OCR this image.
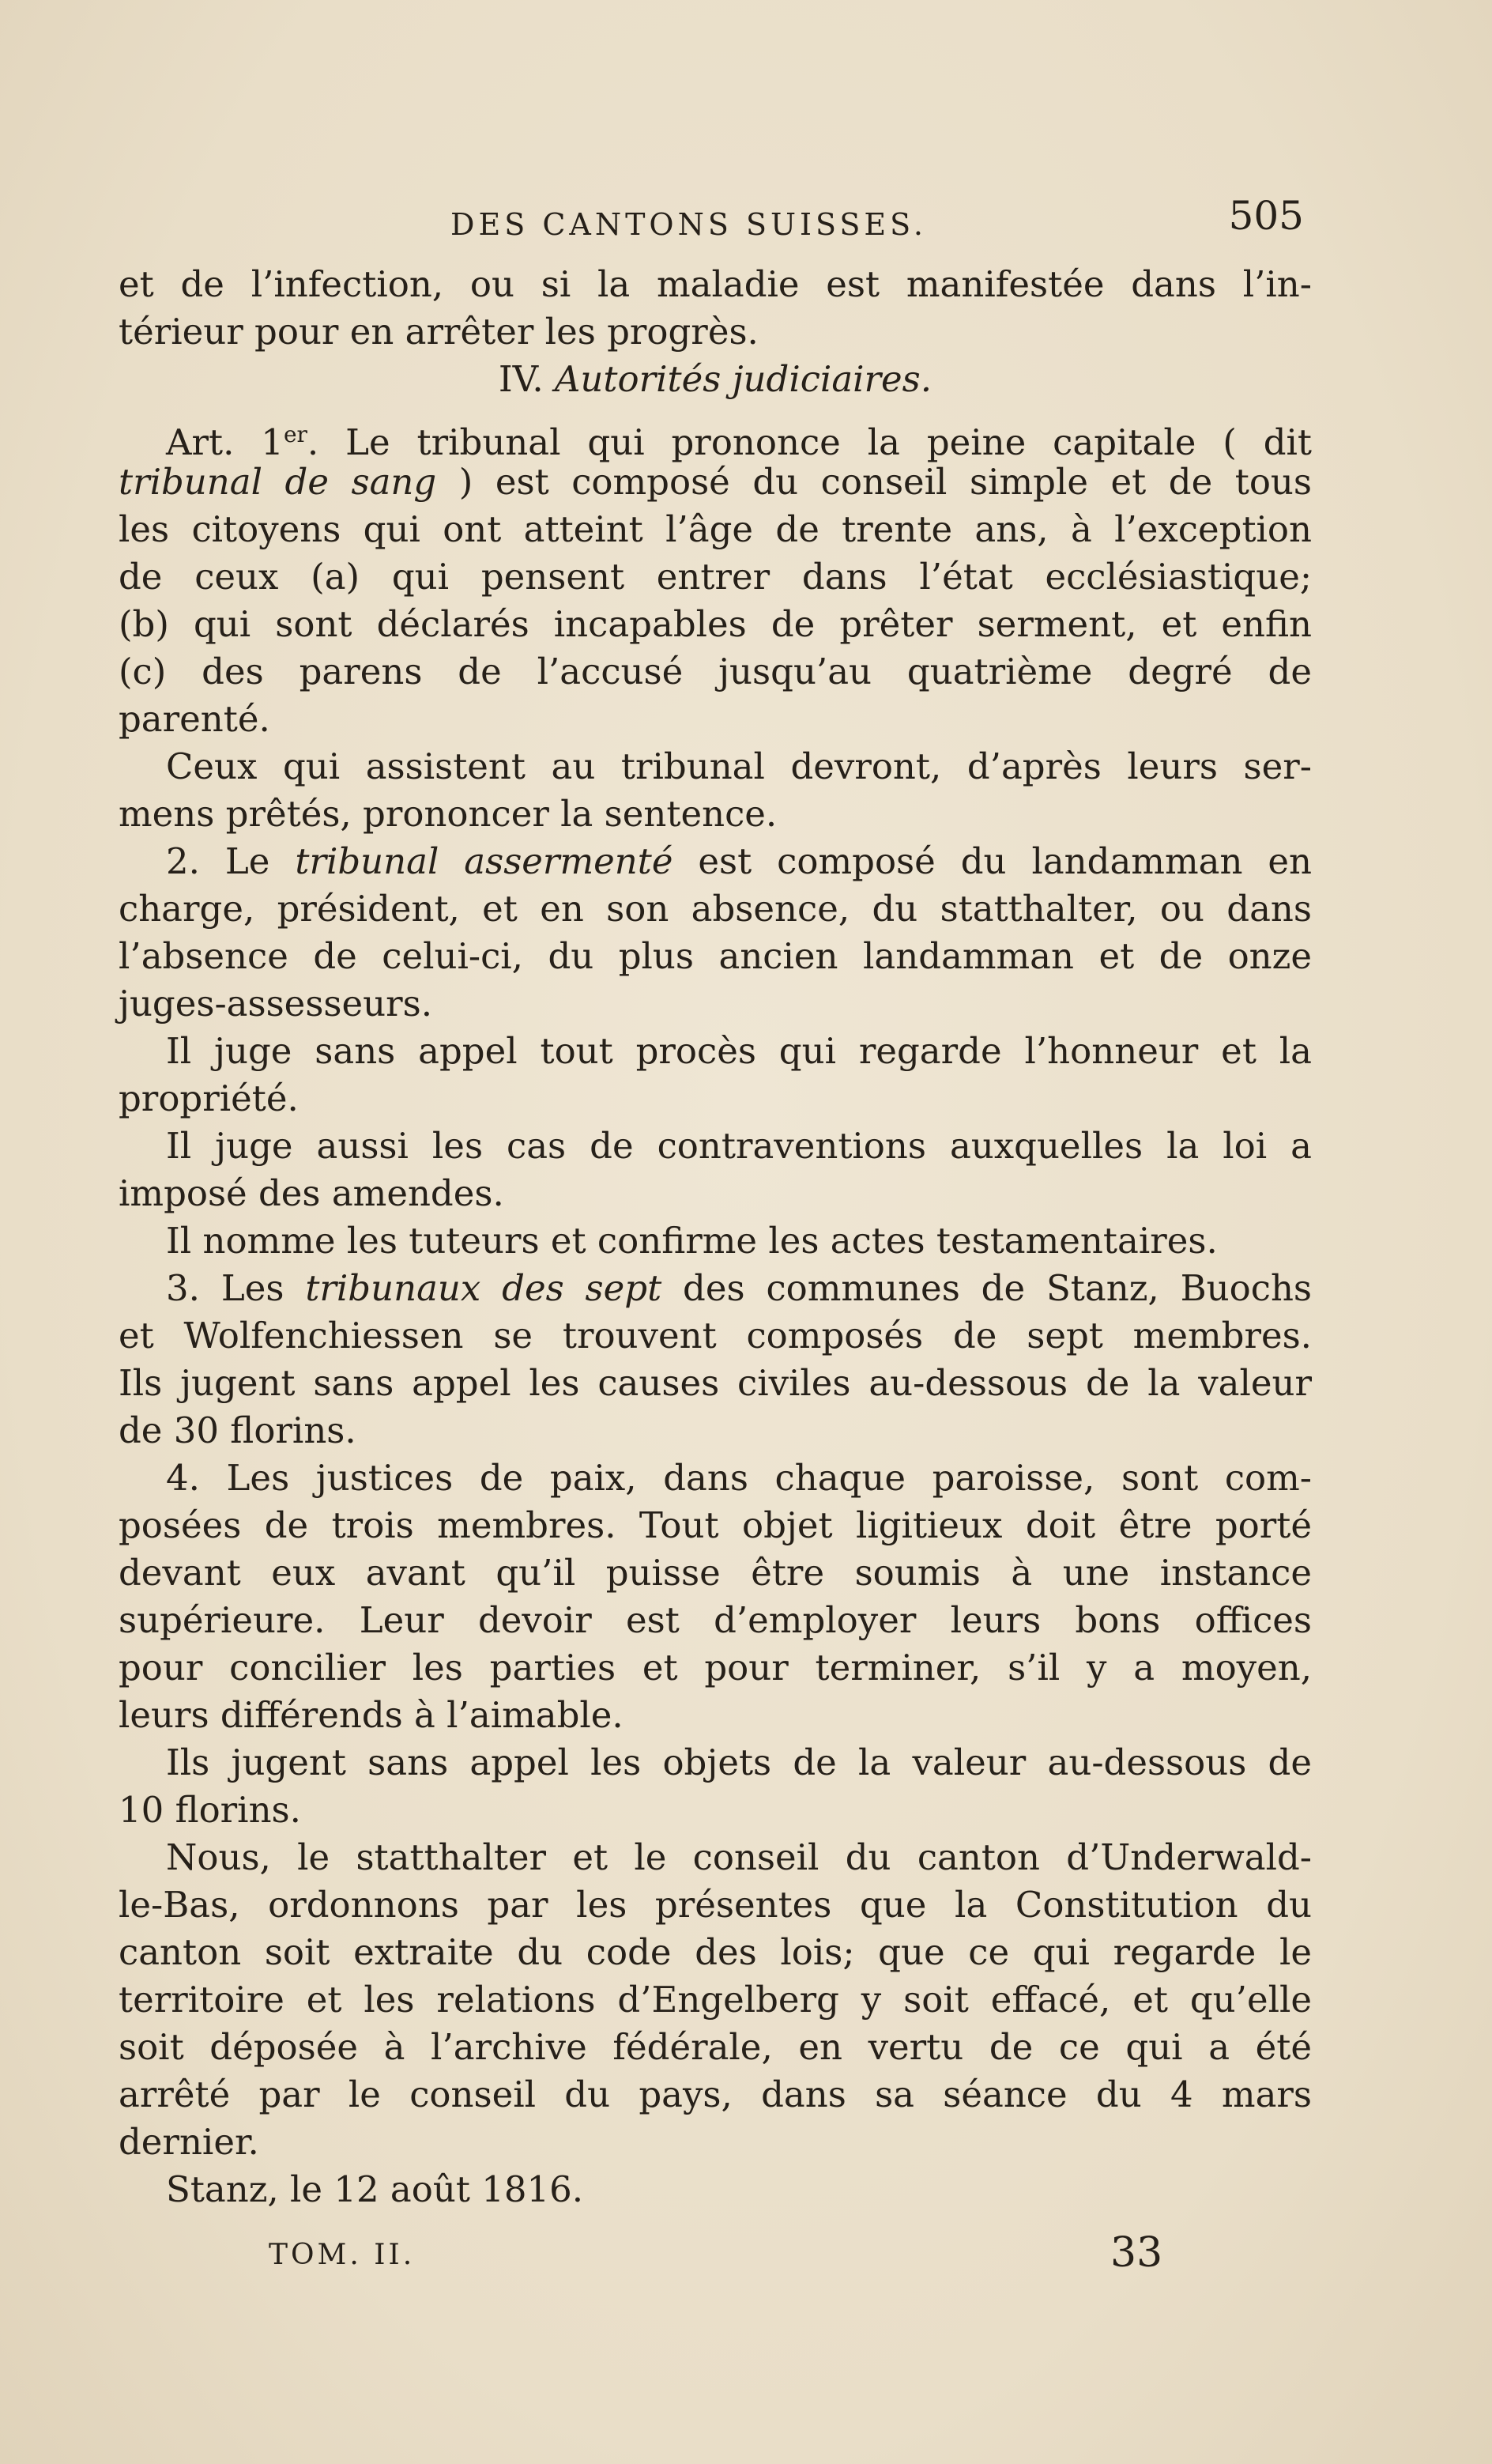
DES CANTONS SUISSES.	505
et de l’infection, ou si la maladie est manifestée dans l’in-
térieur pour en arrêter les progrès.
IV. Autorités judiciaires.
Art. 1er. Le tribunal qui prononce la peine capitale ( dit
tribunal de sang ) est composé du conseil simple et de tous
les citoyens qui ont atteint l’âge de trente ans, à l’exception
de ceux (a) qui pensent entrer dans l’état ecclésiastique;
(b) qui sont déclarés incapables de prêter serment, et enfin
(c) des parens de l’accusé jusqu’au quatrième degré de
parenté.
Ceux qui assistent au tribunal devront, d’après leurs ser-
mens prêtés, prononcer la sentence.
2. Le tribunal assermenté est composé du landamman en
charge, président, et en son absence, du statthalter, ou dans
l’absence de celui-ci, du plus ancien landamman et de onze
juges-assesseurs.
Il juge sans appel tout procès qui regarde l’honneur et la
propriété.
Il juge aussi les cas de contraventions auxquelles la loi a
imposé des amendes.
Il nomme les tuteurs et confirme les actes testamentaires.
3. Les tribunaux des sept des communes de Stanz, Buochs
et Wolfenchiessen se trouvent composés de sept membres.
Ils jugent sans appel les causes civiles au-dessous de la valeur
de 30 florins.
4. Les justices de paix, dans chaque paroisse, sont com-
posées de trois membres. Tout objet ligitieux doit être porté
devant eux avant qu’il puisse être soumis à une instance
supérieure. Leur devoir est d’employer leurs bons offices
pour concilier les parties et pour terminer, s’il y a moyen,
leurs différends à l’aimable.
Ils jugent sans appel les objets de la valeur au-dessous de
10 florins.
Nous, le statthalter et le conseil du canton d’Underwald-
le-Bas, ordonnons par les présentes que la Constitution du
canton soit extraite du code des lois; que ce qui regarde le
territoire et les relations d’Engelberg y soit effacé, et qu’elle
soit déposée à l’archive fédérale, en vertu de ce qui a été
arrêté par le conseil du pays, dans sa séance du 4 mars
dernier.
Stanz, le 12 août 1816.
TOM. II.	33
